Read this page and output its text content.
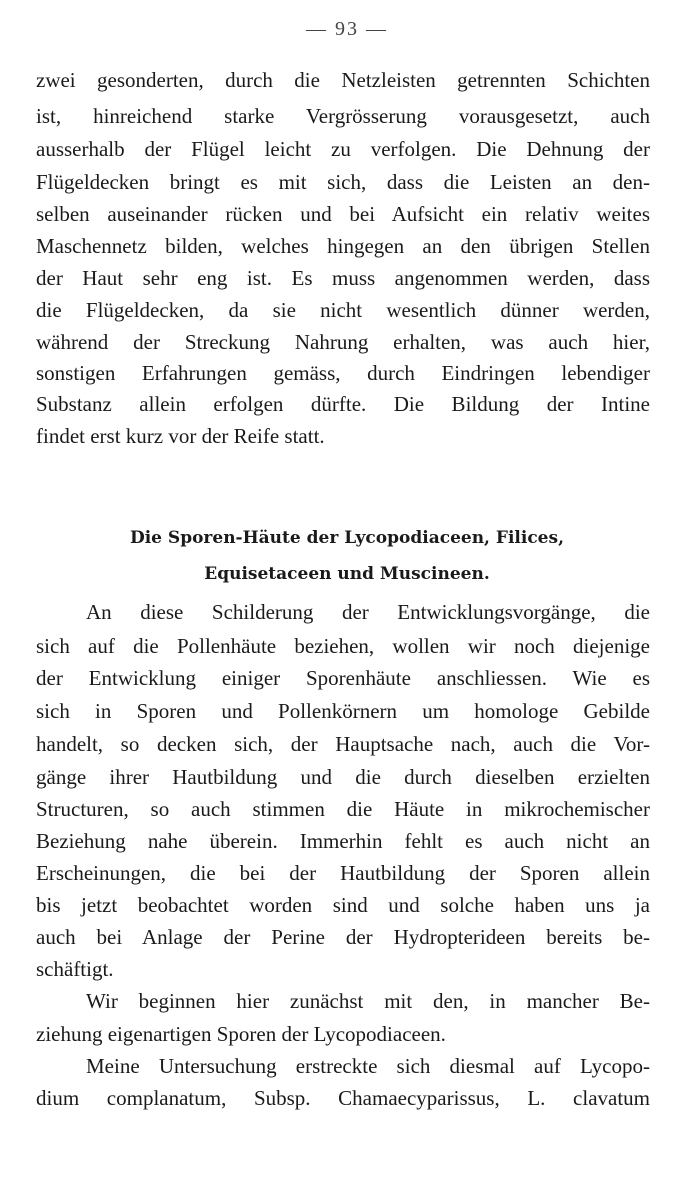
— 93 —
zwei gesonderten, durch die Netzleisten getrennten Schichten
ist, hinreichend starke Vergrösserung vorausgesetzt, auch
ausserhalb der Flügel leicht zu verfolgen. Die Dehnung der
Flügeldecken bringt es mit sich, dass die Leisten an den-
selben auseinander rücken und bei Aufsicht ein relativ weites
Maschennetz bilden, welches hingegen an den übrigen Stellen
der Haut sehr eng ist. Es muss angenommen werden, dass
die Flügeldecken, da sie nicht wesentlich dünner werden,
während der Streckung Nahrung erhalten, was auch hier,
sonstigen Erfahrungen gemäss, durch Eindringen lebendiger
Substanz allein erfolgen dürfte. Die Bildung der Intine
findet erst kurz vor der Reife statt.
Die Sporen-Häute der Lycopodiaceen, Filices,
Equisetaceen und Muscineen.
An diese Schilderung der Entwicklungsvorgänge, die
sich auf die Pollenhäute beziehen, wollen wir noch diejenige
der Entwicklung einiger Sporenhäute anschliessen. Wie es
sich in Sporen und Pollenkörnern um homologe Gebilde
handelt, so decken sich, der Hauptsache nach, auch die Vor-
gänge ihrer Hautbildung und die durch dieselben erzielten
Structuren, so auch stimmen die Häute in mikrochemischer
Beziehung nahe überein. Immerhin fehlt es auch nicht an
Erscheinungen, die bei der Hautbildung der Sporen allein
bis jetzt beobachtet worden sind und solche haben uns ja
auch bei Anlage der Perine der Hydropterideen bereits be-
schäftigt.
Wir beginnen hier zunächst mit den, in mancher Be-
ziehung eigenartigen Sporen der Lycopodiaceen.
Meine Untersuchung erstreckte sich diesmal auf Lycopo-
dium complanatum, Subsp. Chamaecyparissus, L. clavatum
